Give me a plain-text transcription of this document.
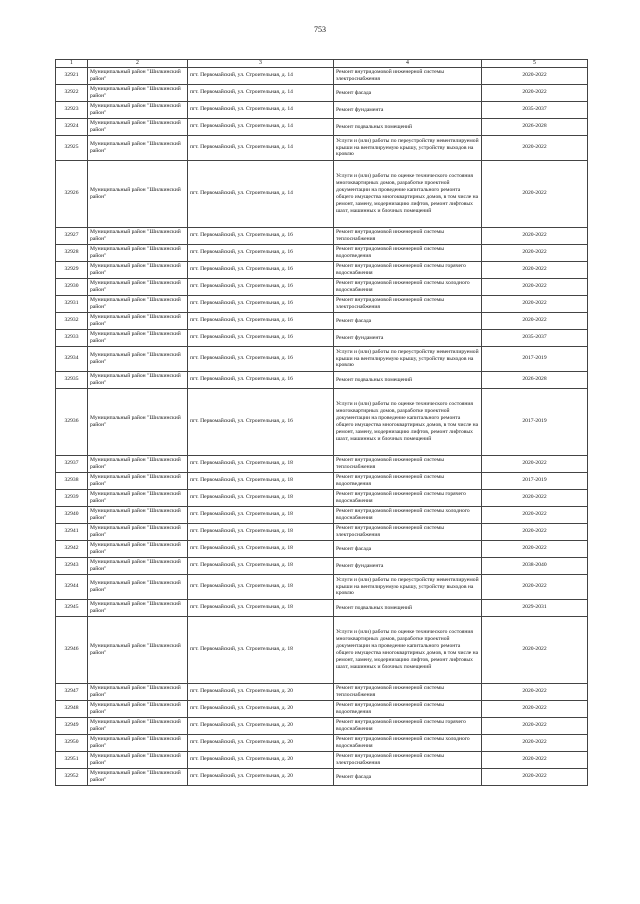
753
1	2	3	4	5
32921	Муниципальный район "Шилкинский район"	пгт. Первомайский, ул. Строительная, д. 14	Ремонт внутридомовой инженерной системы электроснабжения	2020-2022
32922	Муниципальный район "Шилкинский район"	пгт. Первомайский, ул. Строительная, д. 14	Ремонт фасада	2020-2022
32923	Муниципальный район "Шилкинский район"	пгт. Первомайский, ул. Строительная, д. 14	Ремонт фундамента	2035-2037
32924	Муниципальный район "Шилкинский район"	пгт. Первомайский, ул. Строительная, д. 14	Ремонт подвальных помещений	2026-2028
32925	Муниципальный район "Шилкинский район"	пгт. Первомайский, ул. Строительная, д. 14	Услуги и (или) работы по переустройству невентилируемой крыши на вентилируемую крышу, устройству выходов на кровлю	2020-2022
32926	Муниципальный район "Шилкинский район"	пгт. Первомайский, ул. Строительная, д. 14	Услуги и (или) работы по оценке технического состояния многоквартирных домов, разработке проектной документации на проведение капитального ремонта общего имущества многоквартирных домов, в том числе на ремонт, замену, модернизацию лифтов, ремонт лифтовых шахт, машинных и блочных помещений	2020-2022
32927	Муниципальный район "Шилкинский район"	пгт. Первомайский, ул. Строительная, д. 16	Ремонт внутридомовой инженерной системы теплоснабжения	2020-2022
32928	Муниципальный район "Шилкинский район"	пгт. Первомайский, ул. Строительная, д. 16	Ремонт внутридомовой инженерной системы водоотведения	2020-2022
32929	Муниципальный район "Шилкинский район"	пгт. Первомайский, ул. Строительная, д. 16	Ремонт внутридомовой инженерной системы горячего водоснабжения	2020-2022
32930	Муниципальный район "Шилкинский район"	пгт. Первомайский, ул. Строительная, д. 16	Ремонт внутридомовой инженерной системы холодного водоснабжения	2020-2022
32931	Муниципальный район "Шилкинский район"	пгт. Первомайский, ул. Строительная, д. 16	Ремонт внутридомовой инженерной системы электроснабжения	2020-2022
32932	Муниципальный район "Шилкинский район"	пгт. Первомайский, ул. Строительная, д. 16	Ремонт фасада	2020-2022
32933	Муниципальный район "Шилкинский район"	пгт. Первомайский, ул. Строительная, д. 16	Ремонт фундамента	2035-2037
32934	Муниципальный район "Шилкинский район"	пгт. Первомайский, ул. Строительная, д. 16	Услуги и (или) работы по переустройству невентилируемой крыши на вентилируемую крышу, устройству выходов на кровлю	2017-2019
32935	Муниципальный район "Шилкинский район"	пгт. Первомайский, ул. Строительная, д. 16	Ремонт подвальных помещений	2026-2028
32936	Муниципальный район "Шилкинский район"	пгт. Первомайский, ул. Строительная, д. 16	Услуги и (или) работы по оценке технического состояния многоквартирных домов, разработке проектной документации на проведение капитального ремонта общего имущества многоквартирных домов, в том числе на ремонт, замену, модернизацию лифтов, ремонт лифтовых шахт, машинных и блочных помещений	2017-2019
32937	Муниципальный район "Шилкинский район"	пгт. Первомайский, ул. Строительная, д. 18	Ремонт внутридомовой инженерной системы теплоснабжения	2020-2022
32938	Муниципальный район "Шилкинский район"	пгт. Первомайский, ул. Строительная, д. 18	Ремонт внутридомовой инженерной системы водоотведения	2017-2019
32939	Муниципальный район "Шилкинский район"	пгт. Первомайский, ул. Строительная, д. 18	Ремонт внутридомовой инженерной системы горячего водоснабжения	2020-2022
32940	Муниципальный район "Шилкинский район"	пгт. Первомайский, ул. Строительная, д. 18	Ремонт внутридомовой инженерной системы холодного водоснабжения	2020-2022
32941	Муниципальный район "Шилкинский район"	пгт. Первомайский, ул. Строительная, д. 18	Ремонт внутридомовой инженерной системы электроснабжения	2020-2022
32942	Муниципальный район "Шилкинский район"	пгт. Первомайский, ул. Строительная, д. 18	Ремонт фасада	2020-2022
32943	Муниципальный район "Шилкинский район"	пгт. Первомайский, ул. Строительная, д. 18	Ремонт фундамента	2038-2040
32944	Муниципальный район "Шилкинский район"	пгт. Первомайский, ул. Строительная, д. 18	Услуги и (или) работы по переустройству невентилируемой крыши на вентилируемую крышу, устройству выходов на кровлю	2020-2022
32945	Муниципальный район "Шилкинский район"	пгт. Первомайский, ул. Строительная, д. 18	Ремонт подвальных помещений	2029-2031
32946	Муниципальный район "Шилкинский район"	пгт. Первомайский, ул. Строительная, д. 18	Услуги и (или) работы по оценке технического состояния многоквартирных домов, разработке проектной документации на проведение капитального ремонта общего имущества многоквартирных домов, в том числе на ремонт, замену, модернизацию лифтов, ремонт лифтовых шахт, машинных и блочных помещений	2020-2022
32947	Муниципальный район "Шилкинский район"	пгт. Первомайский, ул. Строительная, д. 20	Ремонт внутридомовой инженерной системы теплоснабжения	2020-2022
32948	Муниципальный район "Шилкинский район"	пгт. Первомайский, ул. Строительная, д. 20	Ремонт внутридомовой инженерной системы водоотведения	2020-2022
32949	Муниципальный район "Шилкинский район"	пгт. Первомайский, ул. Строительная, д. 20	Ремонт внутридомовой инженерной системы горячего водоснабжения	2020-2022
32950	Муниципальный район "Шилкинский район"	пгт. Первомайский, ул. Строительная, д. 20	Ремонт внутридомовой инженерной системы холодного водоснабжения	2020-2022
32951	Муниципальный район "Шилкинский район"	пгт. Первомайский, ул. Строительная, д. 20	Ремонт внутридомовой инженерной системы электроснабжения	2020-2022
32952	Муниципальный район "Шилкинский район"	пгт. Первомайский, ул. Строительная, д. 20	Ремонт фасада	2020-2022
